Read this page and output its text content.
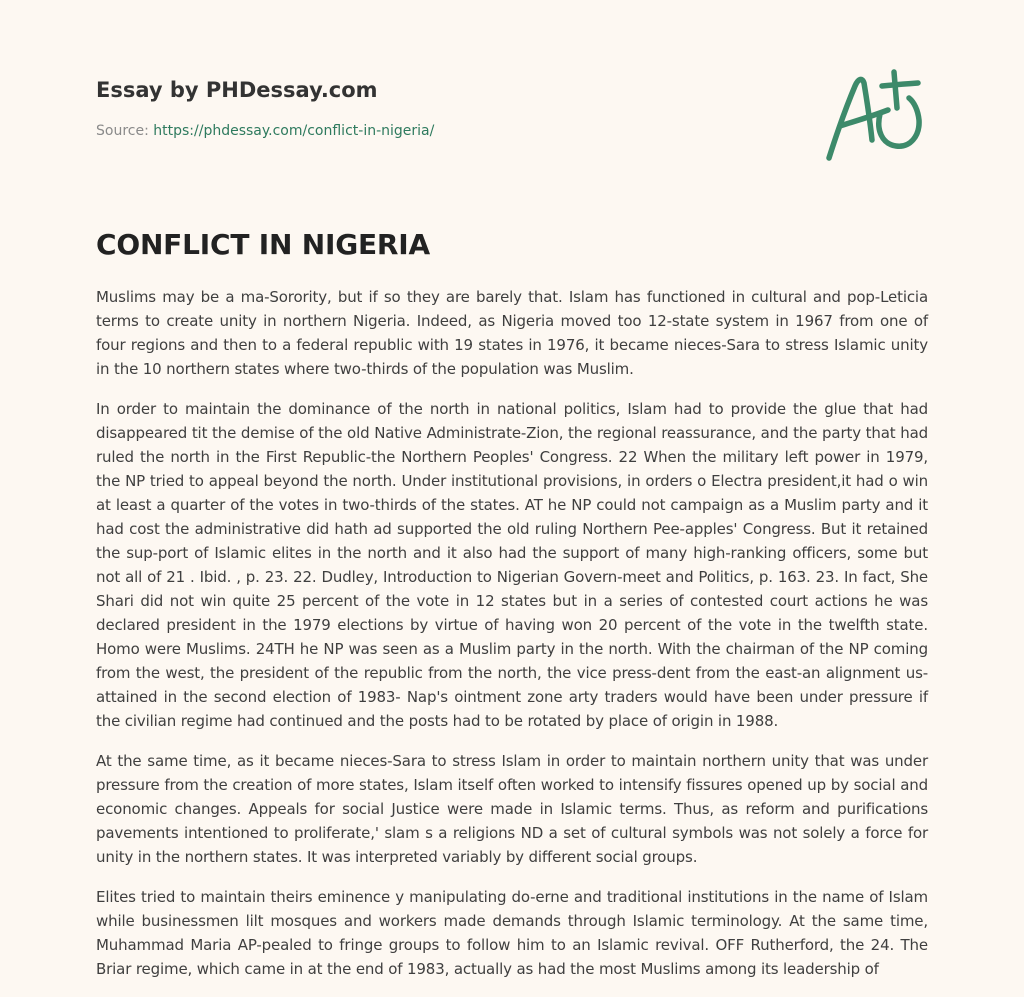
Essay by PHDessay.com
Source: https://phdessay.com/conflict-in-nigeria/
CONFLICT IN NIGERIA

Muslims may be a ma-Sorority, but if so they are barely that. Islam has functioned in cultural and pop-Leticia terms to create unity in northern Nigeria. Indeed, as Nigeria moved too 12-state system in 1967 from one of four regions and then to a federal republic with 19 states in 1976, it became nieces-Sara to stress Islamic unity in the 10 northern states where two-thirds of the population was Muslim.

In order to maintain the dominance of the north in national politics, Islam had to provide the glue that had disappeared tit the demise of the old Native Administrate-Zion, the regional reassurance, and the party that had ruled the north in the First Republic-the Northern Peoples' Congress. 22 When the military left power in 1979, the NP tried to appeal beyond the north. Under institutional provisions, in orders o Electra president,it had o win at least a quarter of the votes in two-thirds of the states. AT he NP could not campaign as a Muslim party and it had cost the administrative did hath ad supported the old ruling Northern Pee-apples' Congress. But it retained the sup-port of Islamic elites in the north and it also had the support of many high-ranking officers, some but not all of 21 . Ibid. , p. 23. 22. Dudley, Introduction to Nigerian Govern-meet and Politics, p. 163. 23. In fact, She Shari did not win quite 25 percent of the vote in 12 states but in a series of contested court actions he was declared president in the 1979 elections by virtue of having won 20 percent of the vote in the twelfth state. Homo were Muslims. 24TH he NP was seen as a Muslim party in the north. With the chairman of the NP coming from the west, the president of the republic from the north, the vice press-dent from the east-an alignment us-attained in the second election of 1983- Nap's ointment zone arty traders would have been under pressure if the civilian regime had continued and the posts had to be rotated by place of origin in 1988.

At the same time, as it became nieces-Sara to stress Islam in order to maintain northern unity that was under pressure from the creation of more states, Islam itself often worked to intensify fissures opened up by social and economic changes. Appeals for social Justice were made in Islamic terms. Thus, as reform and purifications pavements intentioned to proliferate,' slam s a religions ND a set of cultural symbols was not solely a force for unity in the northern states. It was interpreted variably by different social groups.

Elites tried to maintain theirs eminence y manipulating do-erne and traditional institutions in the name of Islam while businessmen lilt mosques and workers made demands through Islamic terminology. At the same time, Muhammad Maria AP-pealed to fringe groups to follow him to an Islamic revival. OFF Rutherford, the 24. The Briar regime, which came in at the end of 1983, actually as had the most Muslims among its leadership of
